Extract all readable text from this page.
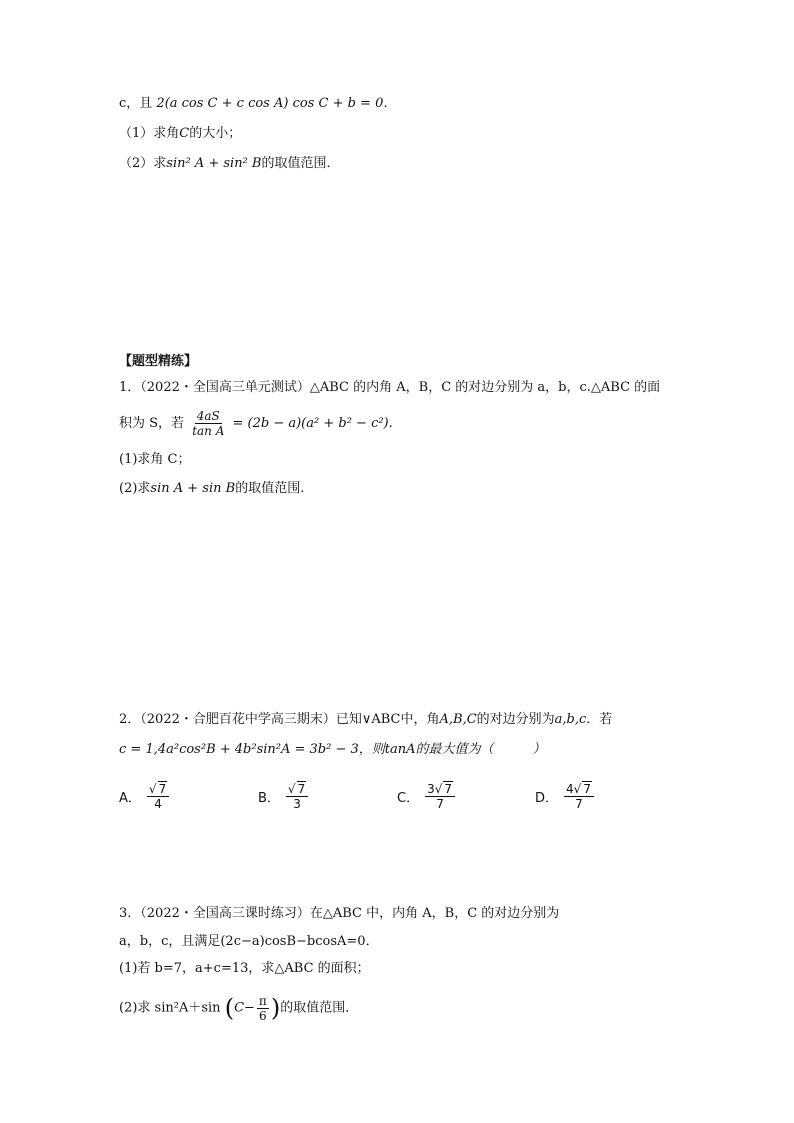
c，且 2(a cos C + c cos A) cos C + b = 0．
（1）求角C的大小；
（2）求sin² A + sin² B的取值范围．
【题型精练】
1．（2022・全国高三单元测试）△ABC 的内角 A，B，C 的对边分别为 a，b，c.△ABC 的面
积为 S，若 $\frac{4aS}{\text{tan A}} = (2b - a)(a^2 + b^2 - c^2)$.
(1)求角 C；
(2)求sin A + sin B的取值范围.
2．（2022・合肥百花中学高三期末）已知∨ABC中，角A,B,C的对边分别为a,b,c．若
c = 1,4a²cos²B + 4b²sin²A = 3b² − 3，则tanA的最大值为（　　　）
A． $\frac{√ 7}{4}$	B． $\frac{√ 7}{3}$	C． $\frac{3√ 7}{7}$	D． $\frac{4√ 7}{7}$
3．（2022・全国高三课时练习）在△ABC 中，内角 A，B，C 的对边分别为
a，b，c，且满足(2c−a)cosB−bcosA=0．
(1)若 b=7，a+c=13，求△ABC 的面积；
(2)求 sin²A＋sin ($C- \frac{\pi}{6}$ )的取值范围．
